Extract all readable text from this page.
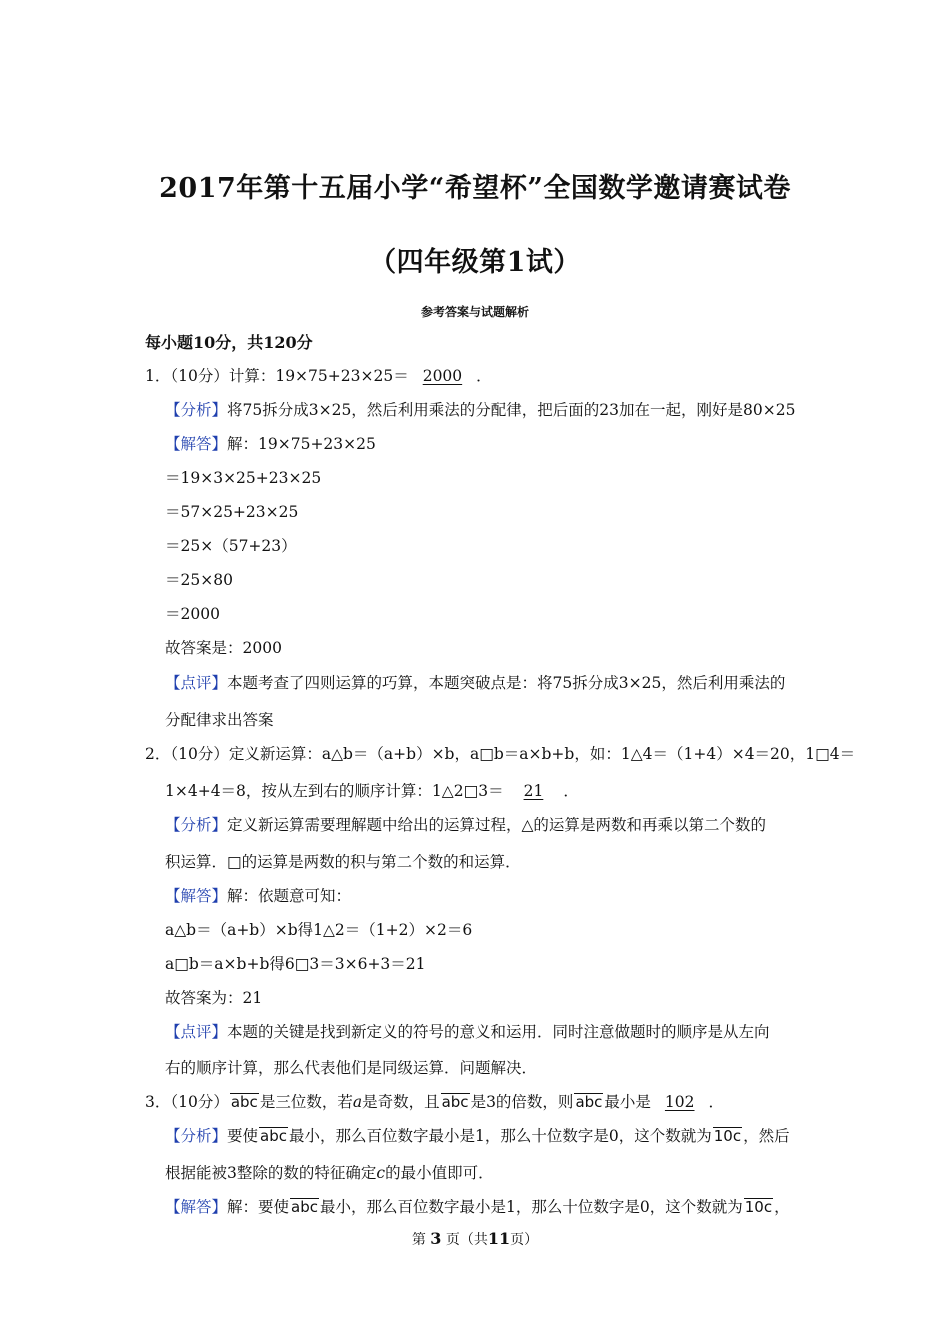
2017年第十五届小学“希望杯”全国数学邀请赛试卷
（四年级第1试）
参考答案与试题解析
每小题10分，共120分
1．（10分）计算：19×75+23×25＝ 2000 ．
【分析】将75拆分成3×25，然后利用乘法的分配律，把后面的23加在一起，刚好是80×25
【解答】解：19×75+23×25
＝19×3×25+23×25
＝57×25+23×25
＝25×（57+23）
＝25×80
＝2000
故答案是：2000
【点评】本题考查了四则运算的巧算，本题突破点是：将75拆分成3×25，然后利用乘法的
分配律求出答案
2．（10分）定义新运算：a△b＝（a+b）×b，a□b＝a×b+b，如：1△4＝（1+4）×4＝20，1□4＝
1×4+4＝8，按从左到右的顺序计算：1△2□3＝ 21 ．
【分析】定义新运算需要理解题中给出的运算过程，△的运算是两数和再乘以第二个数的
积运算．□的运算是两数的积与第二个数的和运算．
【解答】解：依题意可知：
a△b＝（a+b）×b得1△2＝（1+2）×2＝6
a□b＝a×b+b得6□3＝3×6+3＝21
故答案为：21
【点评】本题的关键是找到新定义的符号的意义和运用．同时注意做题时的顺序是从左向
右的顺序计算，那么代表他们是同级运算．问题解决．
3．（10分） abc 是三位数，若a是奇数，且 abc 是3的倍数，则 abc 最小是 102 ．
【分析】要使 abc 最小，那么百位数字最小是1，那么十位数字是0，这个数就为 10c ，然后
根据能被3整除的数的特征确定c的最小值即可．
【解答】解：要使 abc 最小，那么百位数字最小是1，那么十位数字是0，这个数就为 10c ，
第 3 页（共11页）
